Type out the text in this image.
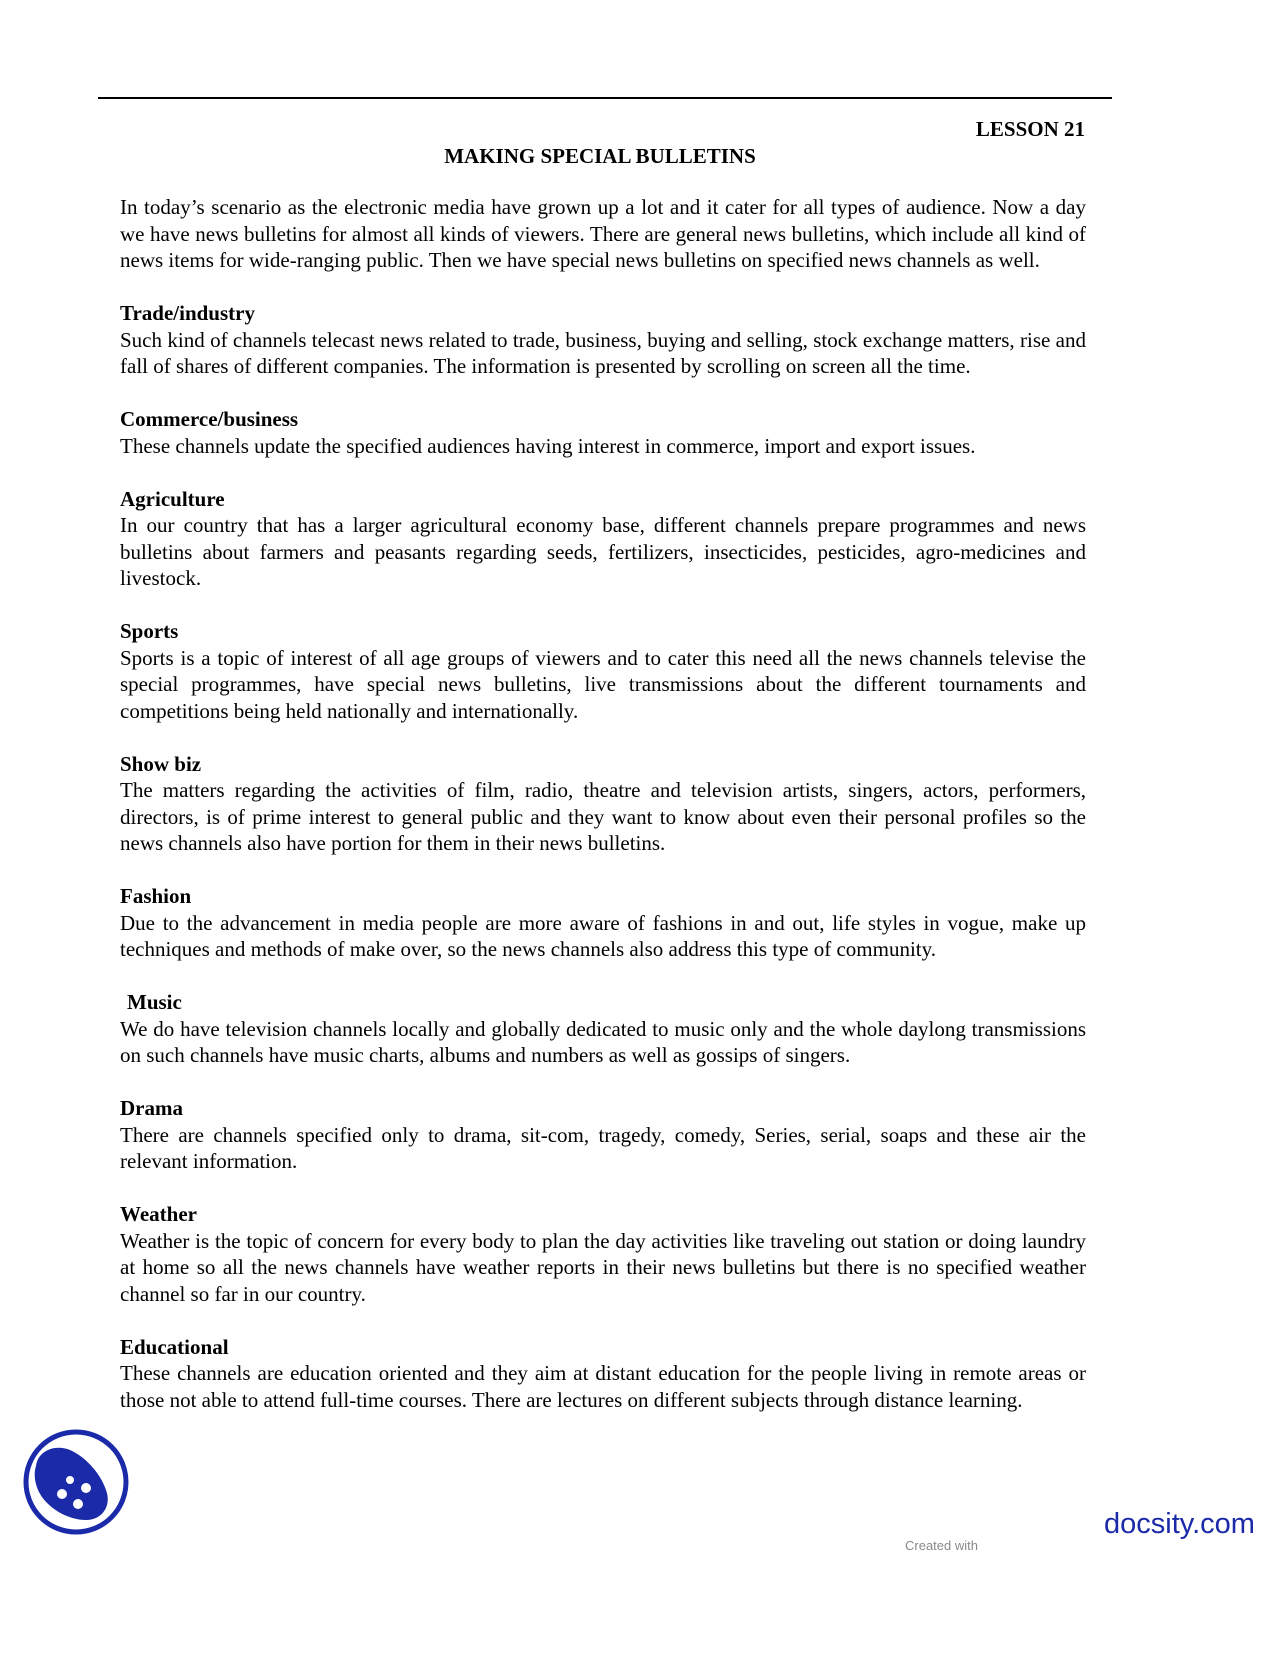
LESSON 21
MAKING SPECIAL BULLETINS

In today’s scenario as the electronic media have grown up a lot and it cater for all types of audience. Now a day we have news bulletins for almost all kinds of viewers. There are general news bulletins, which include all kind of news items for wide-ranging public. Then we have special news bulletins on specified news channels as well.

Trade/industry

Such kind of channels telecast news related to trade, business, buying and selling, stock exchange matters, rise and fall of shares of different companies. The information is presented by scrolling on screen all the time.

Commerce/business

These channels update the specified audiences having interest in commerce, import and export issues.

Agriculture

In our country that has a larger agricultural economy base, different channels prepare programmes and news bulletins about farmers and peasants regarding seeds, fertilizers, insecticides, pesticides, agro-medicines and livestock.

Sports

Sports is a topic of interest of all age groups of viewers and to cater this need all the news channels televise the special programmes, have special news bulletins, live transmissions about the different tournaments and competitions being held nationally and internationally.

Show biz

The matters regarding the activities of film, radio, theatre and television artists, singers, actors, performers, directors, is of prime interest to general public and they want to know about even their personal profiles so the news channels also have portion for them in their news bulletins.

Fashion

Due to the advancement in media people are more aware of fashions in and out, life styles in vogue, make up techniques and methods of make over, so the news channels also address this type of community.

Music

We do have television channels locally and globally dedicated to music only and the whole daylong transmissions on such channels have music charts, albums and numbers as well as gossips of singers.

Drama

There are channels specified only to drama, sit-com, tragedy, comedy, Series, serial, soaps and these air the relevant information.

Weather

Weather is the topic of concern for every body to plan the day activities like traveling out station or doing laundry at home so all the news channels have weather reports in their news bulletins but there is no specified weather channel so far in our country.

Educational

These channels are education oriented and they aim at distant education for the people living in remote areas or those not able to attend full-time courses. There are lectures on different subjects through distance learning.

docsity.com
Created with
